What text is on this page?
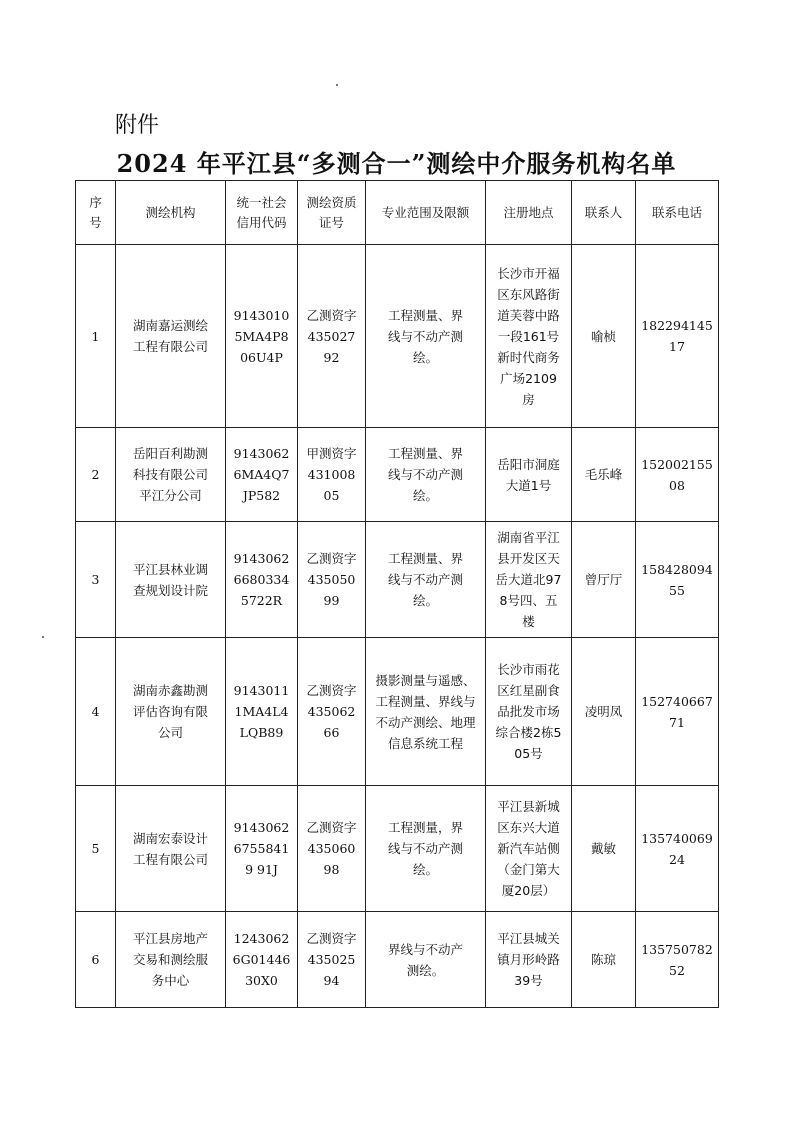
附件
2024 年平江县“多测合一”测绘中介服务机构名单
序号	测绘机构	统一社会信用代码	测绘资质证号	专业范围及限额	注册地点	联系人	联系电话
1	湖南嘉运测绘工程有限公司	91430105MA4P806U4P	乙测资字43502792	工程测量、界线与不动产测绘。	长沙市开福区东风路街道芙蓉中路一段161号新时代商务广场2109房	喻桢	18229414517
2	岳阳百利勘测科技有限公司平江分公司	91430626MA4Q7JP582	甲测资字43100805	工程测量、界线与不动产测绘。	岳阳市洞庭大道1号	毛乐峰	15200215508
3	平江县林业调查规划设计院	914306266803345722R	乙测资字43505099	工程测量、界线与不动产测绘。	湖南省平江县开发区天岳大道北978号四、五楼	曾厅厅	15842809455
4	湖南赤鑫勘测评估咨询有限公司	91430111MA4L4LQB89	乙测资字43506266	摄影测量与遥感、工程测量、界线与不动产测绘、地理信息系统工程	长沙市雨花区红星副食品批发市场综合楼2栋505号	凌明凤	15274066771
5	湖南宏泰设计工程有限公司	914306267558419 91J	乙测资字43506098	工程测量，界线与不动产测绘。	平江县新城区东兴大道新汽车站侧（金门第大厦20层）	戴敏	13574006924
6	平江县房地产交易和测绘服务中心	12430626G0144630X0	乙测资字43502594	界线与不动产测绘。	平江县城关镇月形岭路39号	陈琼	13575078252
